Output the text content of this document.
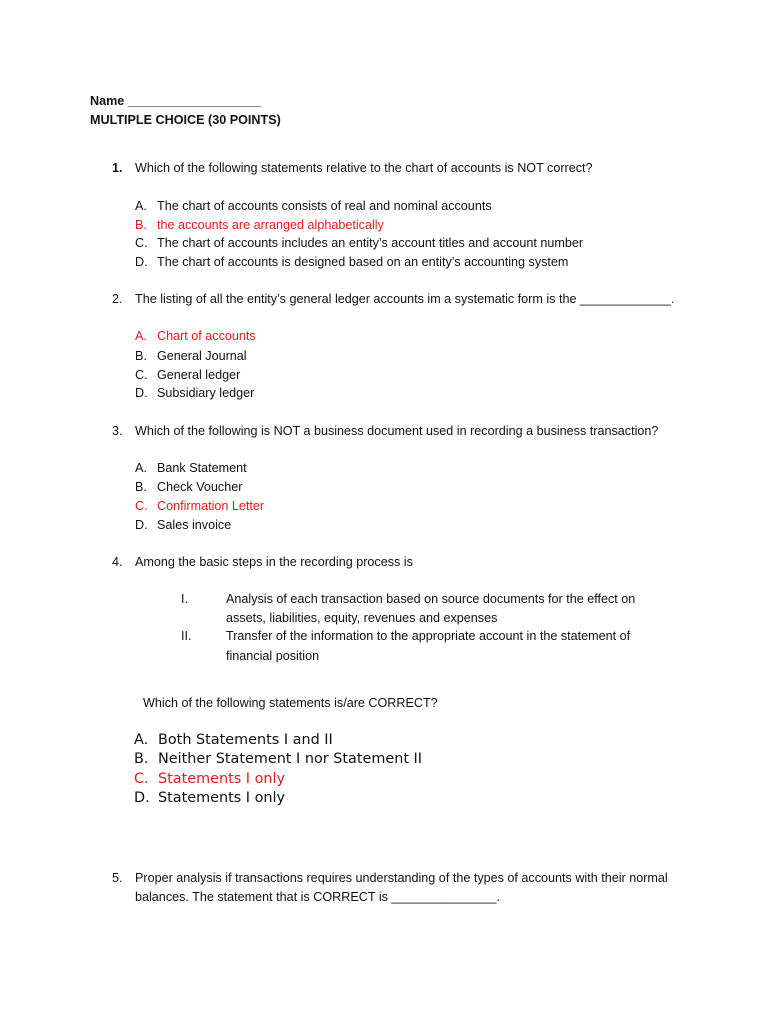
Name ___________________
MULTIPLE CHOICE (30 POINTS)
1. Which of the following statements relative to the chart of accounts is NOT correct?
A. The chart of accounts consists of real and nominal accounts
B. the accounts are arranged alphabetically
C. The chart of accounts includes an entity’s account titles and account number
D. The chart of accounts is designed based on an entity’s accounting system
2. The listing of all the entity’s general ledger accounts im a systematic form is the _____________.
A. Chart of accounts
B. General Journal
C. General ledger
D. Subsidiary ledger
3. Which of the following is NOT a business document used in recording a business transaction?
A. Bank Statement
B. Check Voucher
C. Confirmation Letter
D. Sales invoice
4. Among the basic steps in the recording process is
I.	Analysis of each transaction based on source documents for the effect on
assets, liabilities, equity, revenues and expenses
II.	Transfer of the information to the appropriate account in the statement of
financial position
Which of the following statements is/are CORRECT?
A. Both Statements I and II
B. Neither Statement I nor Statement II
C. Statements I only
D. Statements I only
5. Proper analysis if transactions requires understanding of the types of accounts with their normal
balances. The statement that is CORRECT is _______________.
